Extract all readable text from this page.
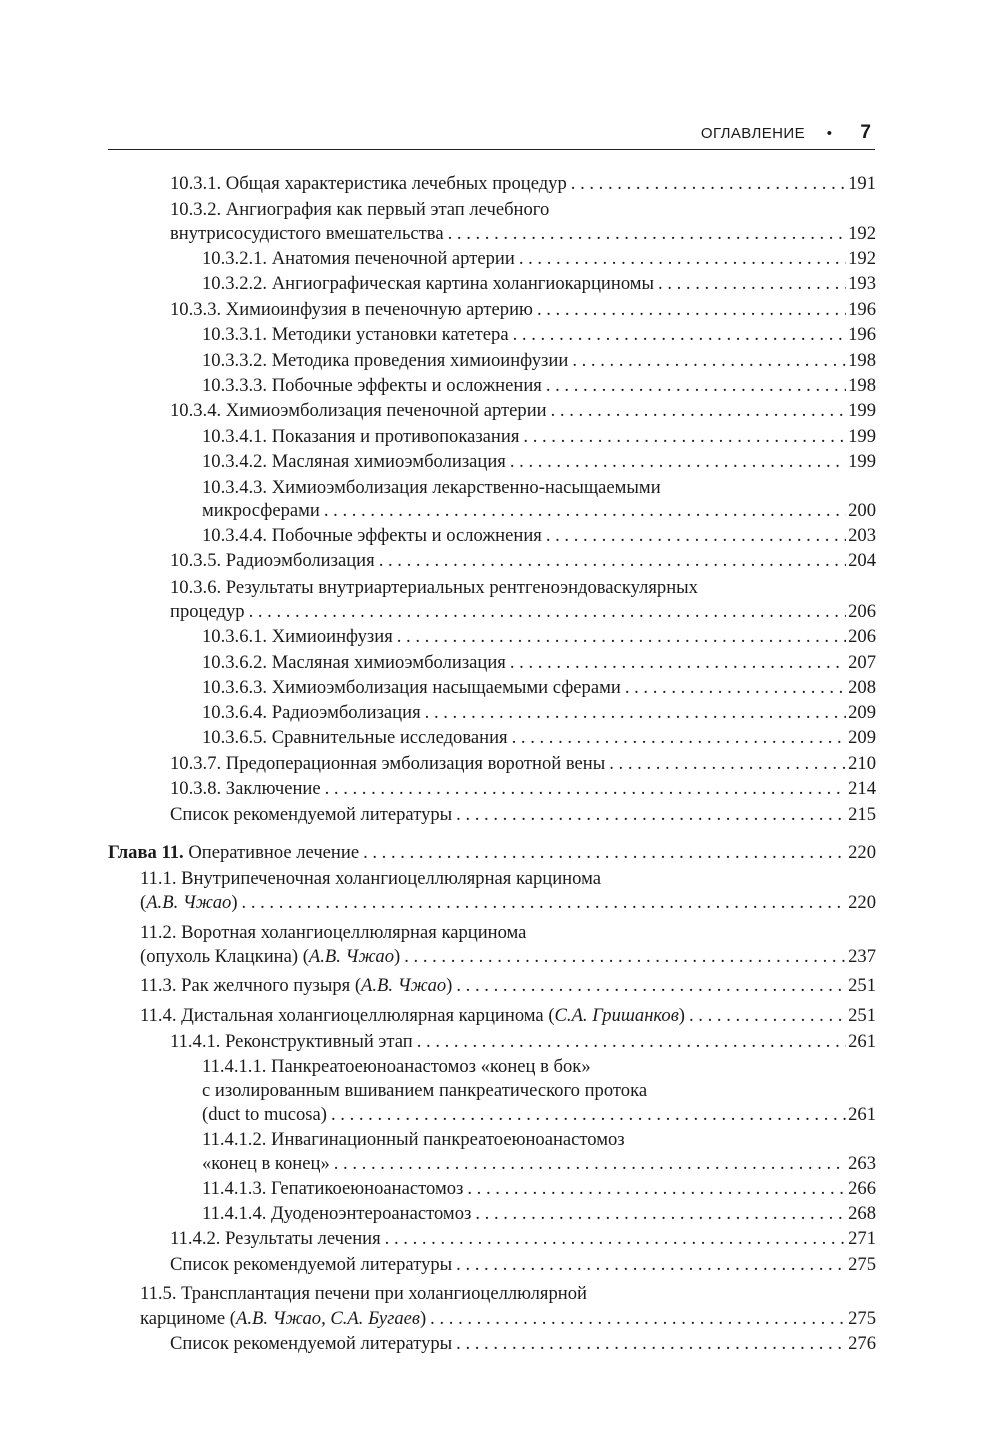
ОГЛАВЛЕНИЕ • 7
10.3.1. Общая характеристика лечебных процедур . . .	191
10.3.2. Ангиография как первый этап лечебного
внутрисосудистого вмешательства . . .	192
10.3.2.1. Анатомия печеночной артерии . . .	192
10.3.2.2. Ангиографическая картина холангиокарциномы . . .	193
10.3.3. Химиоинфузия в печеночную артерию . . .	196
10.3.3.1. Методики установки катетера . . .	196
10.3.3.2. Методика проведения химиоинфузии . . .	198
10.3.3.3. Побочные эффекты и осложнения . . .	198
10.3.4. Химиоэмболизация печеночной артерии . . .	199
10.3.4.1. Показания и противопоказания . . .	199
10.3.4.2. Масляная химиоэмболизация . . .	199
10.3.4.3. Химиоэмболизация лекарственно-насыщаемыми
микросферами . . .	200
10.3.4.4. Побочные эффекты и осложнения . . .	203
10.3.5. Радиоэмболизация . . .	204
10.3.6. Результаты внутриартериальных рентгеноэндоваскулярных
процедур . . .	206
10.3.6.1. Химиоинфузия . . .	206
10.3.6.2. Масляная химиоэмболизация . . .	207
10.3.6.3. Химиоэмболизация насыщаемыми сферами . . .	208
10.3.6.4. Радиоэмболизация . . .	209
10.3.6.5. Сравнительные исследования . . .	209
10.3.7. Предоперационная эмболизация воротной вены . . .	210
10.3.8. Заключение . . .	214
Список рекомендуемой литературы . . .	215
Глава 11. Оперативное лечение . . .	220
11.1. Внутрипеченочная холангиоцеллюлярная карцинома
(А.В. Чжао) . . .	220
11.2. Воротная холангиоцеллюлярная карцинома
(опухоль Клацкина) (А.В. Чжао) . . .	237
11.3. Рак желчного пузыря (А.В. Чжао) . . .	251
11.4. Дистальная холангиоцеллюлярная карцинома (С.А. Гришанков) . . .	251
11.4.1. Реконструктивный этап . . .	261
11.4.1.1. Панкреатоеюноанастомоз «конец в бок»
с изолированным вшиванием панкреатического протока
(duct to mucosa) . . .	261
11.4.1.2. Инвагинационный панкреатоеюноанастомоз
«конец в конец» . . .	263
11.4.1.3. Гепатикоеюноанастомоз . . .	266
11.4.1.4. Дуоденоэнтероанастомоз . . .	268
11.4.2. Результаты лечения . . .	271
Список рекомендуемой литературы . . .	275
11.5. Трансплантация печени при холангиоцеллюлярной
карциноме (А.В. Чжао, С.А. Бугаев) . . .	275
Список рекомендуемой литературы . . .	276
